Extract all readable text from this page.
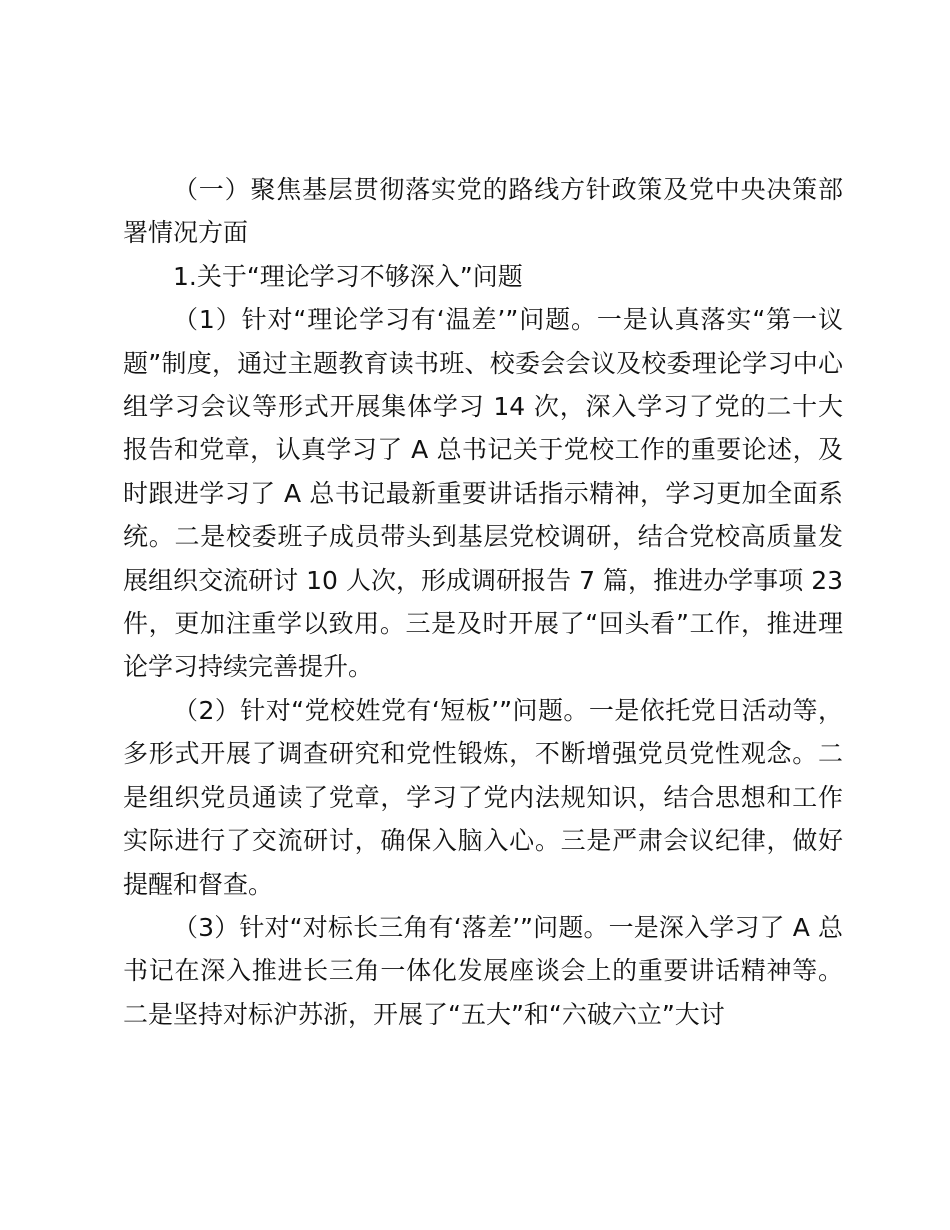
（一）聚焦基层贯彻落实党的路线方针政策及党中央决策部署情况方面

1.关于“理论学习不够深入”问题

（1）针对“理论学习有‘温差’”问题。一是认真落实“第一议题”制度，通过主题教育读书班、校委会会议及校委理论学习中心组学习会议等形式开展集体学习 14 次，深入学习了党的二十大报告和党章，认真学习了 A 总书记关于党校工作的重要论述，及时跟进学习了 A 总书记最新重要讲话指示精神，学习更加全面系统。二是校委班子成员带头到基层党校调研，结合党校高质量发展组织交流研讨 10 人次，形成调研报告 7 篇，推进办学事项 23 件，更加注重学以致用。三是及时开展了“回头看”工作，推进理论学习持续完善提升。

（2）针对“党校姓党有‘短板’”问题。一是依托党日活动等，多形式开展了调查研究和党性锻炼，不断增强党员党性观念。二是组织党员通读了党章，学习了党内法规知识，结合思想和工作实际进行了交流研讨，确保入脑入心。三是严肃会议纪律，做好提醒和督查。

（3）针对“对标长三角有‘落差’”问题。一是深入学习了 A 总书记在深入推进长三角一体化发展座谈会上的重要讲话精神等。二是坚持对标沪苏浙，开展了“五大”和“六破六立”大讨
